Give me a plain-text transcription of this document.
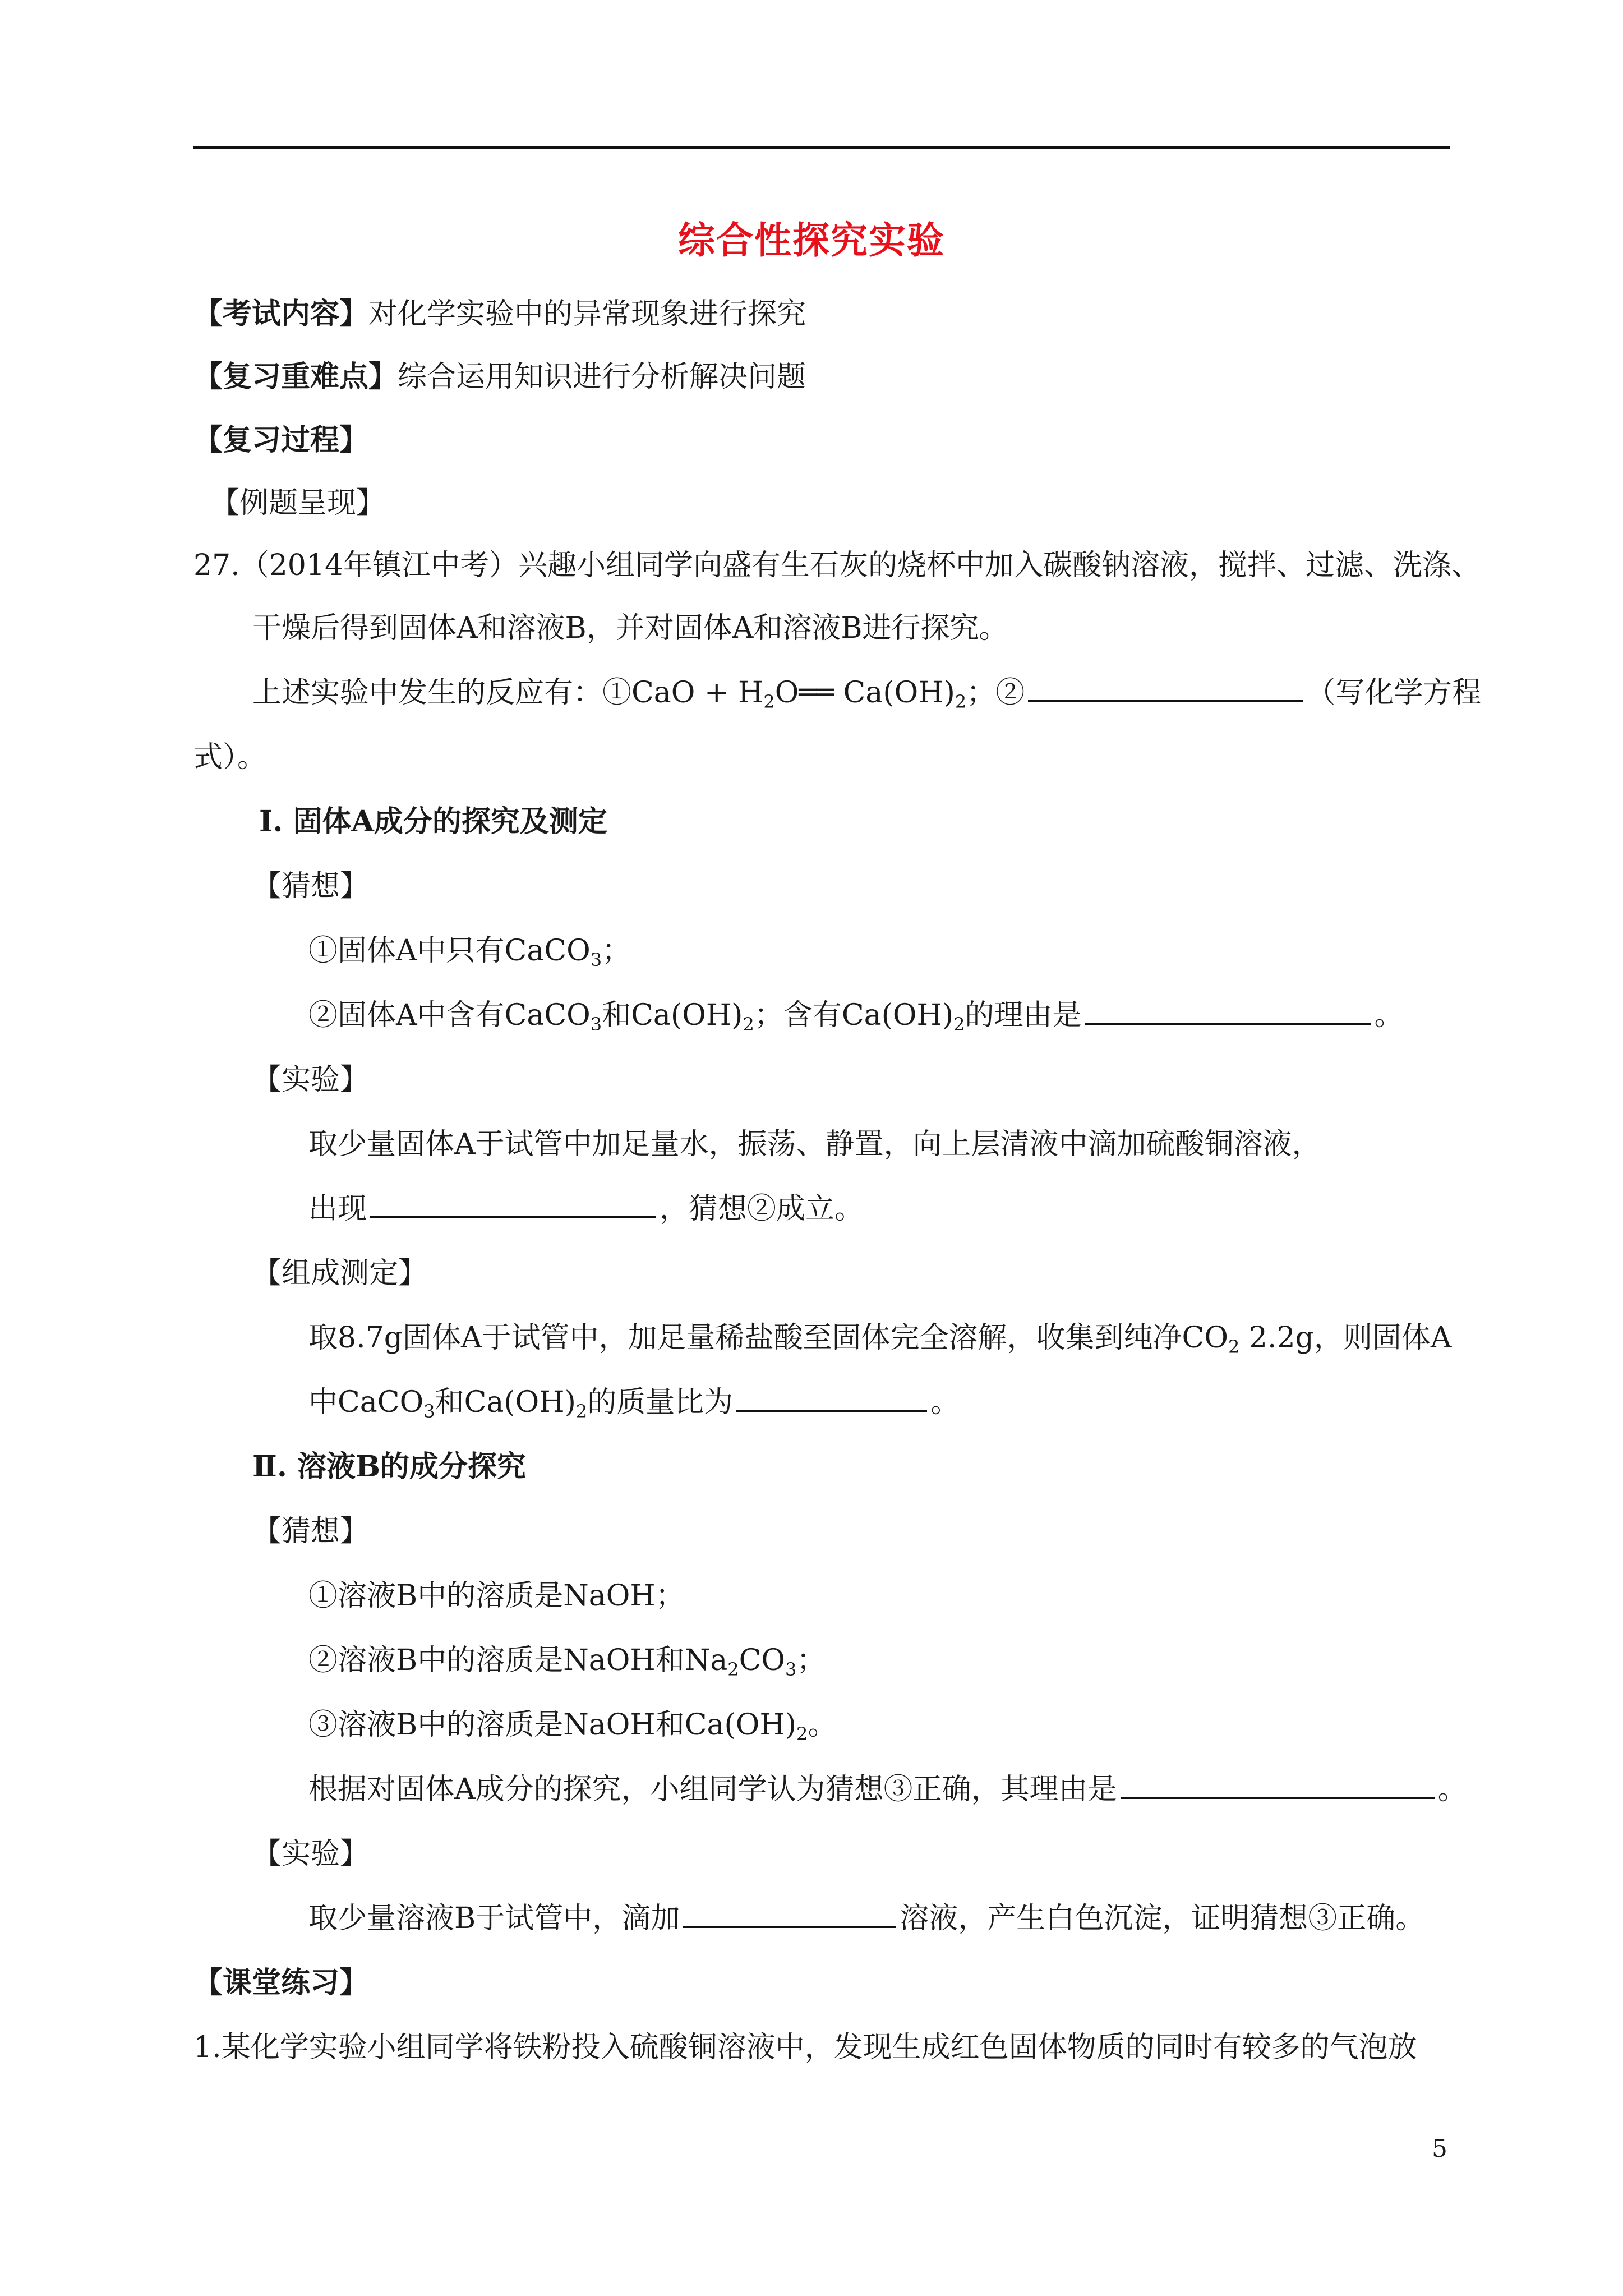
综合性探究实验
【考试内容】对化学实验中的异常现象进行探究
【复习重难点】综合运用知识进行分析解决问题
【复习过程】
【例题呈现】
27.（2014年镇江中考）兴趣小组同学向盛有生石灰的烧杯中加入碳酸钠溶液，搅拌、过滤、洗涤、
干燥后得到固体A和溶液B，并对固体A和溶液B进行探究。
上述实验中发生的反应有：①CaO + $H_2O══$ $Ca(OH)_2$；②	（写化学方程
式）。
Ⅰ. 固体A成分的探究及测定
【猜想】
①固体A中只有CaCO$_3$；
②固体A中含有CaCO$_3$和$Ca(OH)_2$；含有$Ca(OH)_2$的理由是	。
【实验】
取少量固体A于试管中加足量水，振荡、静置，向上层清液中滴加硫酸铜溶液，
出现	，猜想②成立。
【组成测定】
取8.7g固体A于试管中，加足量稀盐酸至固体完全溶解，收集到纯净$CO_2$ 2.2g，则固体A
中CaCO$_3$和$Ca(OH)_2$的质量比为	。
Ⅱ. 溶液B的成分探究
【猜想】
①溶液B中的溶质是NaOH；
②溶液B中的溶质是NaOH和$Na_2CO_3$；
③溶液B中的溶质是NaOH和$Ca(OH)_2$。
根据对固体A成分的探究，小组同学认为猜想③正确，其理由是	。
【实验】
取少量溶液B于试管中，滴加	溶液，产生白色沉淀，证明猜想③正确。
【课堂练习】
1.某化学实验小组同学将铁粉投入硫酸铜溶液中，发现生成红色固体物质的同时有较多的气泡放
5
